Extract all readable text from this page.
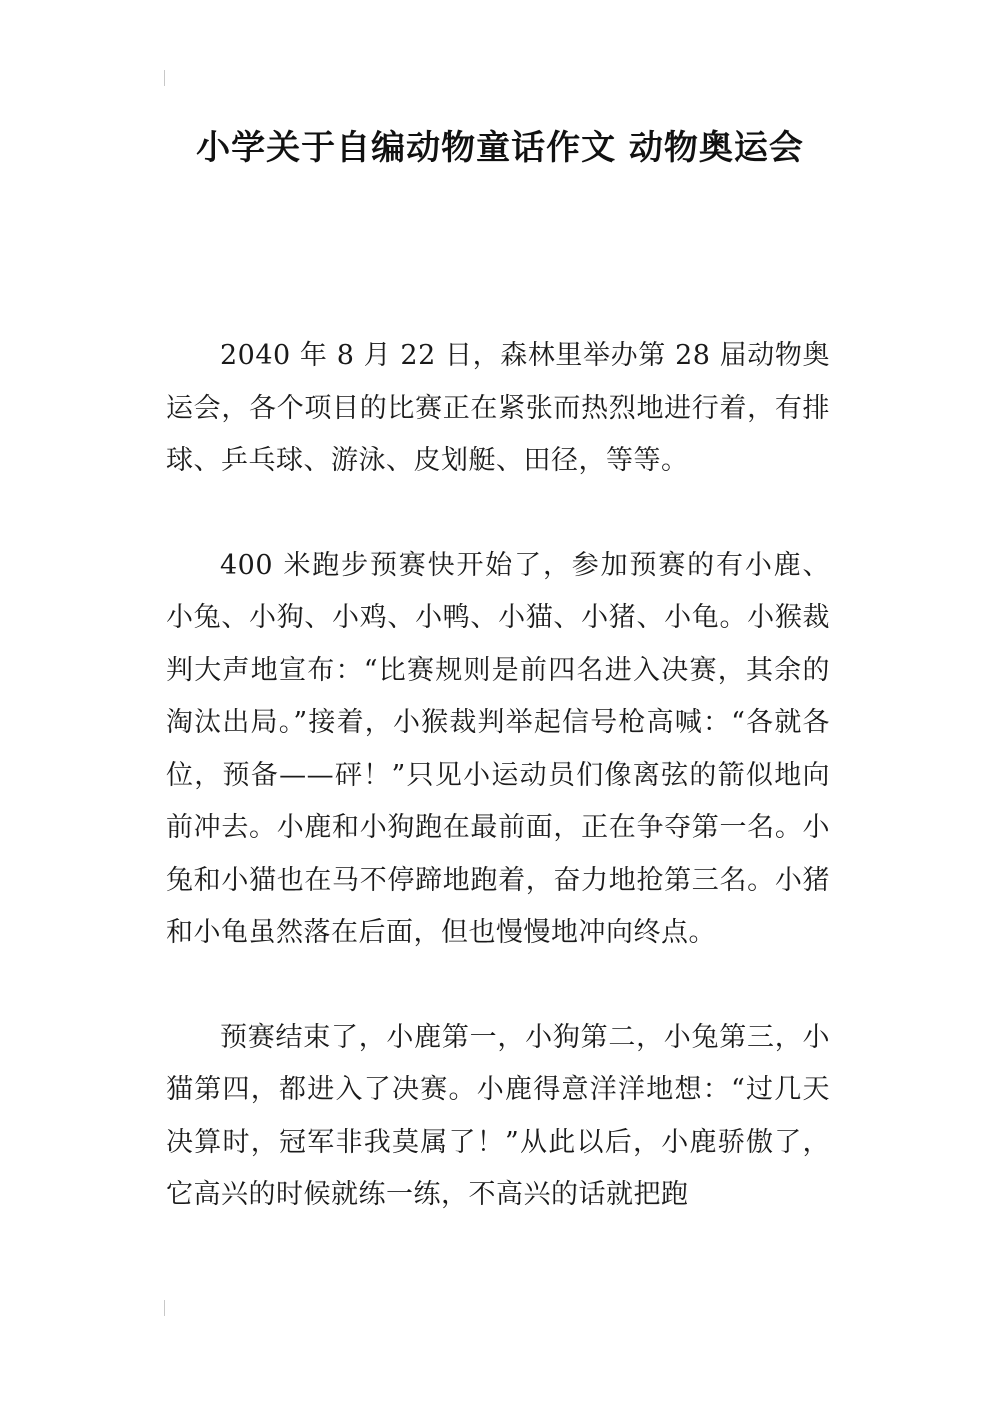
小学关于自编动物童话作文 动物奥运会

2040 年 8 月 22 日，森林里举办第 28 届动物奥运会，各个项目的比赛正在紧张而热烈地进行着，有排球、乒乓球、游泳、皮划艇、田径，等等。

400 米跑步预赛快开始了，参加预赛的有小鹿、小兔、小狗、小鸡、小鸭、小猫、小猪、小龟。小猴裁判大声地宣布：“比赛规则是前四名进入决赛，其余的淘汰出局。”接着，小猴裁判举起信号枪高喊：“各就各位，预备——砰！”只见小运动员们像离弦的箭似地向前冲去。小鹿和小狗跑在最前面，正在争夺第一名。小兔和小猫也在马不停蹄地跑着，奋力地抢第三名。小猪和小龟虽然落在后面，但也慢慢地冲向终点。

预赛结束了，小鹿第一，小狗第二，小兔第三，小猫第四，都进入了决赛。小鹿得意洋洋地想：“过几天决算时，冠军非我莫属了！”从此以后，小鹿骄傲了，它高兴的时候就练一练，不高兴的话就把跑
